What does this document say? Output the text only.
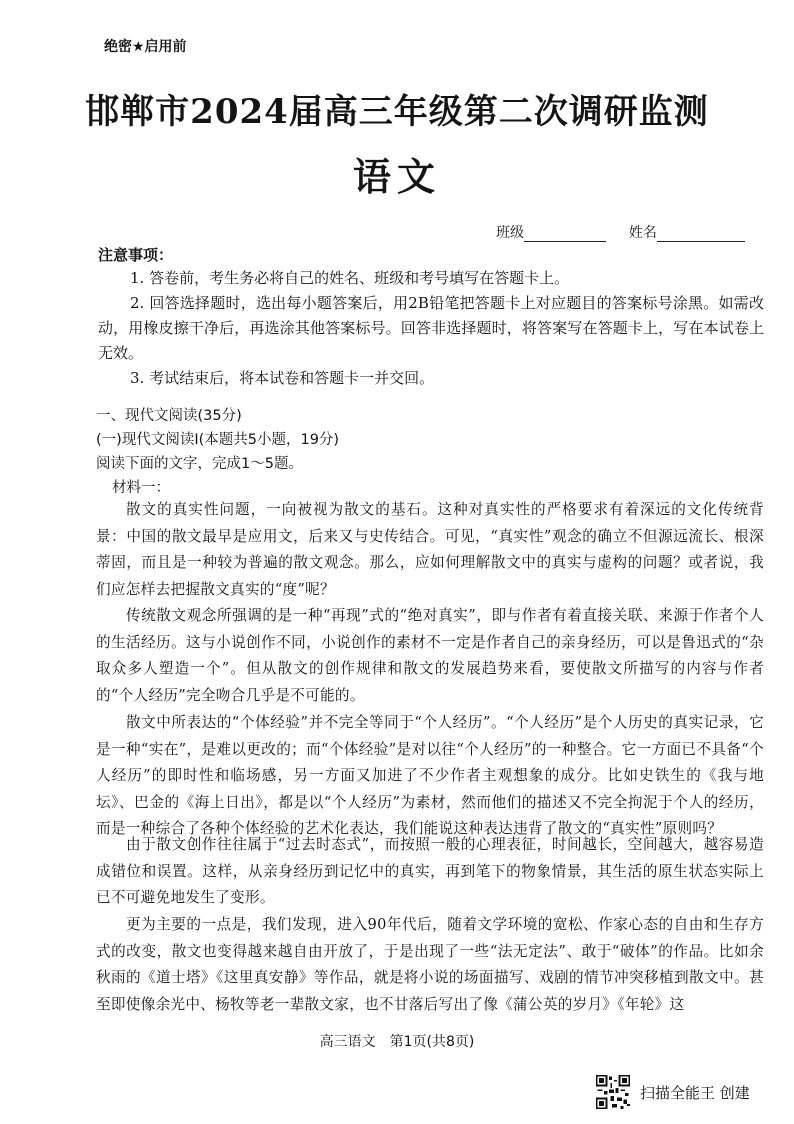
绝密★启用前
邯郸市2024届高三年级第二次调研监测
语文
班级	姓名
注意事项：
1. 答卷前，考生务必将自己的姓名、班级和考号填写在答题卡上。
2. 回答选择题时，选出每小题答案后，用2B铅笔把答题卡上对应题目的答案标号涂黑。如需改动，用橡皮擦干净后，再选涂其他答案标号。回答非选择题时，将答案写在答题卡上，写在本试卷上无效。
3. 考试结束后，将本试卷和答题卡一并交回。
一、现代文阅读(35分)
(一)现代文阅读Ⅰ(本题共5小题，19分)
阅读下面的文字，完成1～5题。
材料一：
散文的真实性问题，一向被视为散文的基石。这种对真实性的严格要求有着深远的文化传统背景：中国的散文最早是应用文，后来又与史传结合。可见，“真实性”观念的确立不但源远流长、根深蒂固，而且是一种较为普遍的散文观念。那么，应如何理解散文中的真实与虚构的问题？或者说，我们应怎样去把握散文真实的“度”呢？
传统散文观念所强调的是一种“再现”式的“绝对真实”，即与作者有着直接关联、来源于作者个人的生活经历。这与小说创作不同，小说创作的素材不一定是作者自己的亲身经历，可以是鲁迅式的“杂取众多人塑造一个”。但从散文的创作规律和散文的发展趋势来看，要使散文所描写的内容与作者的“个人经历”完全吻合几乎是不可能的。
散文中所表达的“个体经验”并不完全等同于“个人经历”。“个人经历”是个人历史的真实记录，它是一种“实在”，是难以更改的；而“个体经验”是对以往“个人经历”的一种整合。它一方面已不具备“个人经历”的即时性和临场感，另一方面又加进了不少作者主观想象的成分。比如史铁生的《我与地坛》、巴金的《海上日出》，都是以“个人经历”为素材，然而他们的描述又不完全拘泥于个人的经历，而是一种综合了各种个体经验的艺术化表达，我们能说这种表达违背了散文的“真实性”原则吗？
由于散文创作往往属于“过去时态式”，而按照一般的心理表征，时间越长，空间越大，越容易造成错位和误置。这样，从亲身经历到记忆中的真实，再到笔下的物象情景，其生活的原生状态实际上已不可避免地发生了变形。
更为主要的一点是，我们发现，进入90年代后，随着文学环境的宽松、作家心态的自由和生存方式的改变，散文也变得越来越自由开放了，于是出现了一些“法无定法”、敢于“破体”的作品。比如余秋雨的《道士塔》《这里真安静》等作品，就是将小说的场面描写、戏剧的情节冲突移植到散文中。甚至即使像余光中、杨牧等老一辈散文家，也不甘落后写出了像《蒲公英的岁月》《年轮》这
高三语文　第1页(共8页)
扫描全能王 创建
